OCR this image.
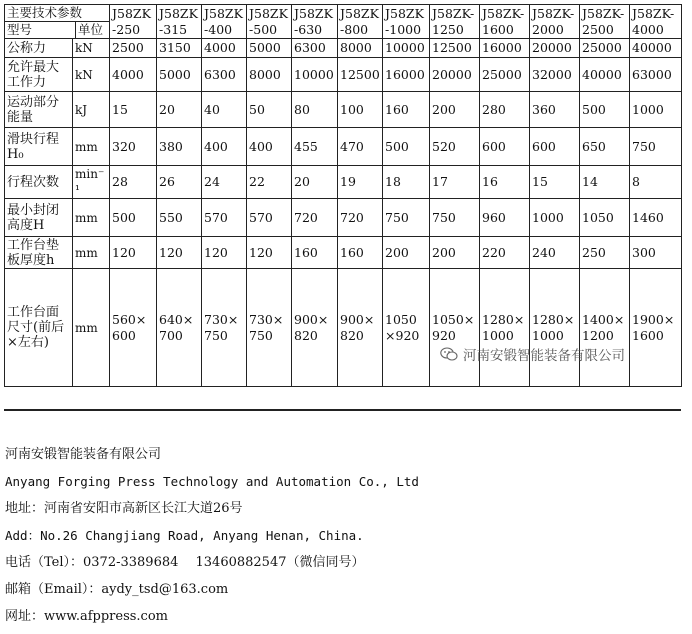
主要技术参数
型号 单位		J58ZK-250	J58ZK-315	J58ZK-400	J58ZK-500	J58ZK-630	J58ZK-800	J58ZK-1000	J58ZK-1250	J58ZK-1600	J58ZK-2000	J58ZK-2500	J58ZK-4000
公称力	kN	2500	3150	4000	5000	6300	8000	10000	12500	16000	20000	25000	40000
允许最大工作力	kN	4000	5000	6300	8000	10000	12500	16000	20000	25000	32000	40000	63000
运动部分能量	kJ	15	20	40	50	80	100	160	200	280	360	500	1000
滑块行程H₀	mm	320	380	400	400	455	470	500	520	600	600	650	750
行程次数	min⁻¹	28	26	24	22	20	19	18	17	16	15	14	8
最小封闭高度H	mm	500	550	570	570	720	720	750	750	960	1000	1050	1460
工作台垫板厚度h	mm	120	120	120	120	160	160	200	200	220	240	250	300
工作台面尺寸(前后×左右)	mm	560×600	640×700	730×750	730×750	900×820	900×820	1050×920	1050×920	1280×1000	1280×1000	1400×1200	1900×1600
河南安锻智能装备有限公司
河南安锻智能装备有限公司
Anyang Forging Press Technology and Automation Co., Ltd
地址：河南省安阳市高新区长江大道26号
Add：No.26 Changjiang Road, Anyang Henan, China.
电话（Tel）：0372-3389684　 13460882547（微信同号）
邮箱（Email）：aydy_tsd@163.com
网址：www.afppress.com
